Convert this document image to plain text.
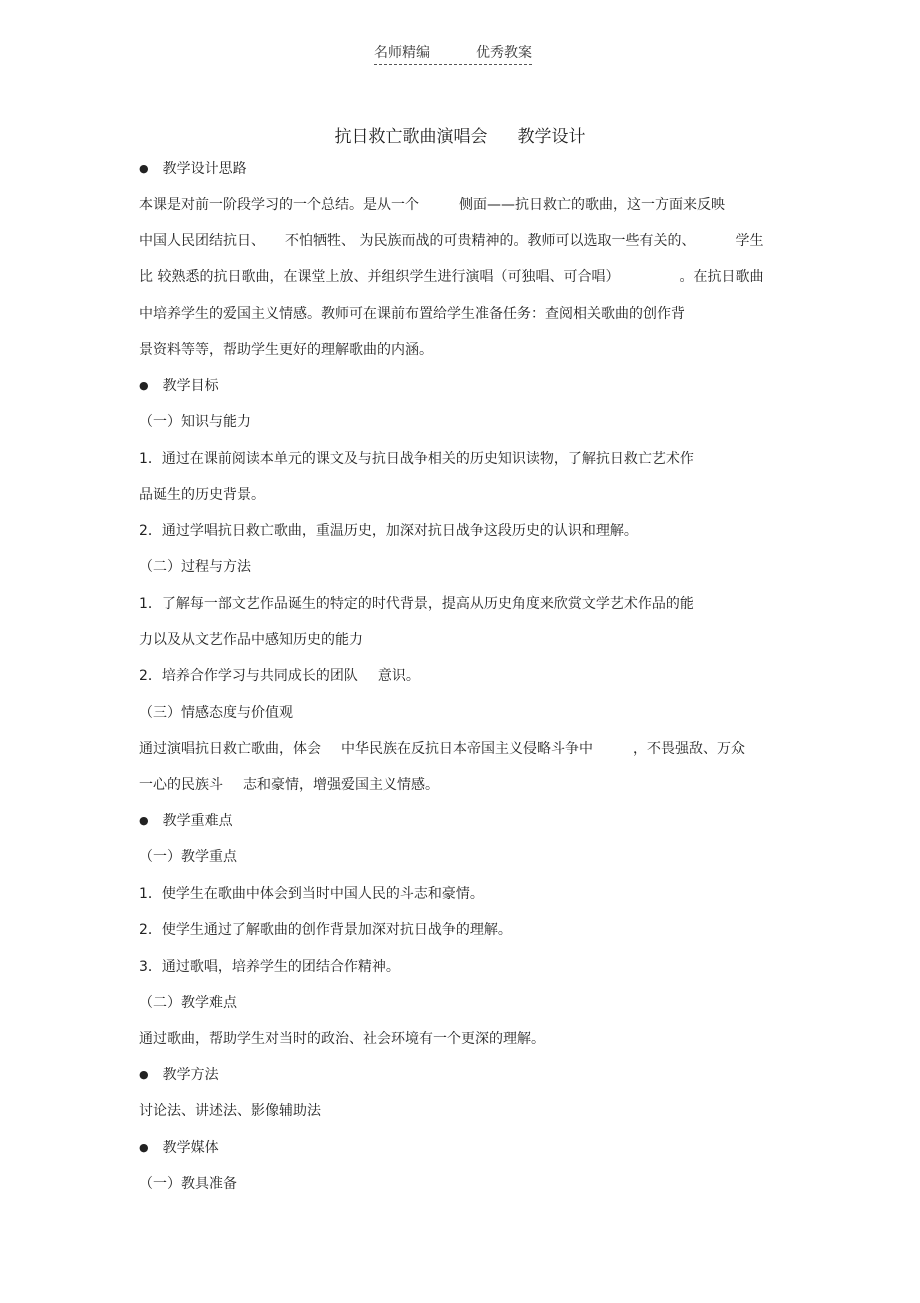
名师精编	优秀教案
抗日救亡歌曲演唱会 教学设计
● 教学设计思路
本课是对前一阶段学习的一个总结。是从一个	侧面——抗日救亡的歌曲，这一方面来反映
中国人民团结抗日、 不怕牺牲、 为民族而战的可贵精神的。教师可以选取一些有关的、	学生
比 较熟悉的抗日歌曲，在课堂上放、并组织学生进行演唱（可独唱、可合唱）	。在抗日歌曲
中培养学生的爱国主义情感。教师可在课前布置给学生准备任务：查阅相关歌曲的创作背
景资料等等，帮助学生更好的理解歌曲的内涵。
● 教学目标
（一）知识与能力
1．通过在课前阅读本单元的课文及与抗日战争相关的历史知识读物，了解抗日救亡艺术作
品诞生的历史背景。
2．通过学唱抗日救亡歌曲，重温历史，加深对抗日战争这段历史的认识和理解。
（二）过程与方法
1．了解每一部文艺作品诞生的特定的时代背景，提高从历史角度来欣赏文学艺术作品的能
力以及从文艺作品中感知历史的能力
2．培养合作学习与共同成长的团队 意识。
（三）情感态度与价值观
通过演唱抗日救亡歌曲，体会 中华民族在反抗日本帝国主义侵略斗争中	，不畏强敌、万众
一心的民族斗 志和豪情，增强爱国主义情感。
● 教学重难点
（一）教学重点
1．使学生在歌曲中体会到当时中国人民的斗志和豪情。
2．使学生通过了解歌曲的创作背景加深对抗日战争的理解。
3．通过歌唱，培养学生的团结合作精神。
（二）教学难点
通过歌曲，帮助学生对当时的政治、社会环境有一个更深的理解。
● 教学方法
讨论法、讲述法、影像辅助法
● 教学媒体
（一）教具准备
